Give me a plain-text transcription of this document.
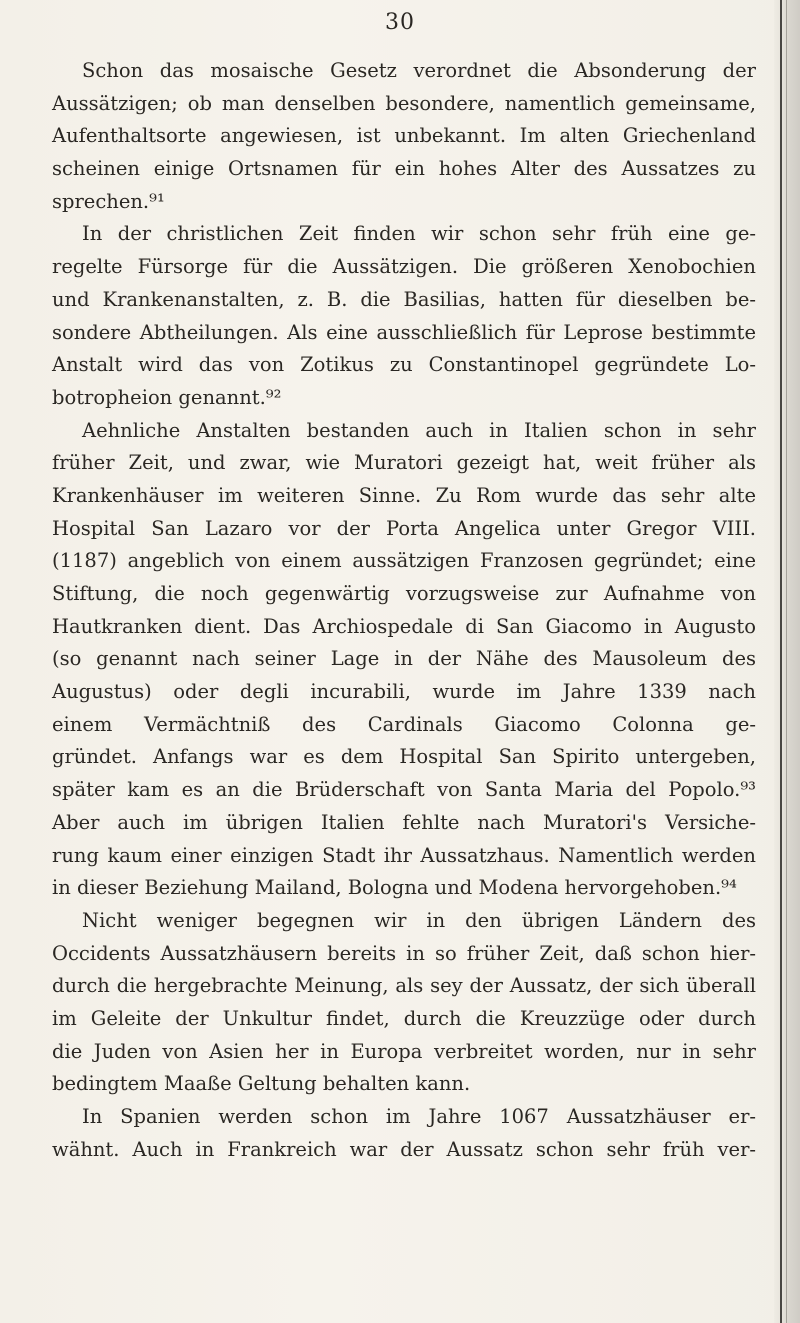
30
Schon das mosaische Gesetz verordnet die Absonderung der
Aussätzigen; ob man denselben besondere, namentlich gemeinsame,
Aufenthaltsorte angewiesen, ist unbekannt. Im alten Griechenland
scheinen einige Ortsnamen für ein hohes Alter des Aussatzes zu
sprechen.⁹¹
In der christlichen Zeit finden wir schon sehr früh eine ge-
regelte Fürsorge für die Aussätzigen. Die größeren Xenobochien
und Krankenanstalten, z. B. die Basilias, hatten für dieselben be-
sondere Abtheilungen. Als eine ausschließlich für Leprose bestimmte
Anstalt wird das von Zotikus zu Constantinopel gegründete Lo-
botropheion genannt.⁹²
Aehnliche Anstalten bestanden auch in Italien schon in sehr
früher Zeit, und zwar, wie Muratori gezeigt hat, weit früher als
Krankenhäuser im weiteren Sinne. Zu Rom wurde das sehr alte
Hospital San Lazaro vor der Porta Angelica unter Gregor VIII.
(1187) angeblich von einem aussätzigen Franzosen gegründet; eine
Stiftung, die noch gegenwärtig vorzugsweise zur Aufnahme von
Hautkranken dient. Das Archiospedale di San Giacomo in Augusto
(so genannt nach seiner Lage in der Nähe des Mausoleum des
Augustus) oder degli incurabili, wurde im Jahre 1339 nach
einem Vermächtniß des Cardinals Giacomo Colonna ge-
gründet. Anfangs war es dem Hospital San Spirito untergeben,
später kam es an die Brüderschaft von Santa Maria del Popolo.⁹³
Aber auch im übrigen Italien fehlte nach Muratori's Versiche-
rung kaum einer einzigen Stadt ihr Aussatzhaus. Namentlich werden
in dieser Beziehung Mailand, Bologna und Modena hervorgehoben.⁹⁴
Nicht weniger begegnen wir in den übrigen Ländern des
Occidents Aussatzhäusern bereits in so früher Zeit, daß schon hier-
durch die hergebrachte Meinung, als sey der Aussatz, der sich überall
im Geleite der Unkultur findet, durch die Kreuzzüge oder durch
die Juden von Asien her in Europa verbreitet worden, nur in sehr
bedingtem Maaße Geltung behalten kann.
In Spanien werden schon im Jahre 1067 Aussatzhäuser er-
wähnt. Auch in Frankreich war der Aussatz schon sehr früh ver-
